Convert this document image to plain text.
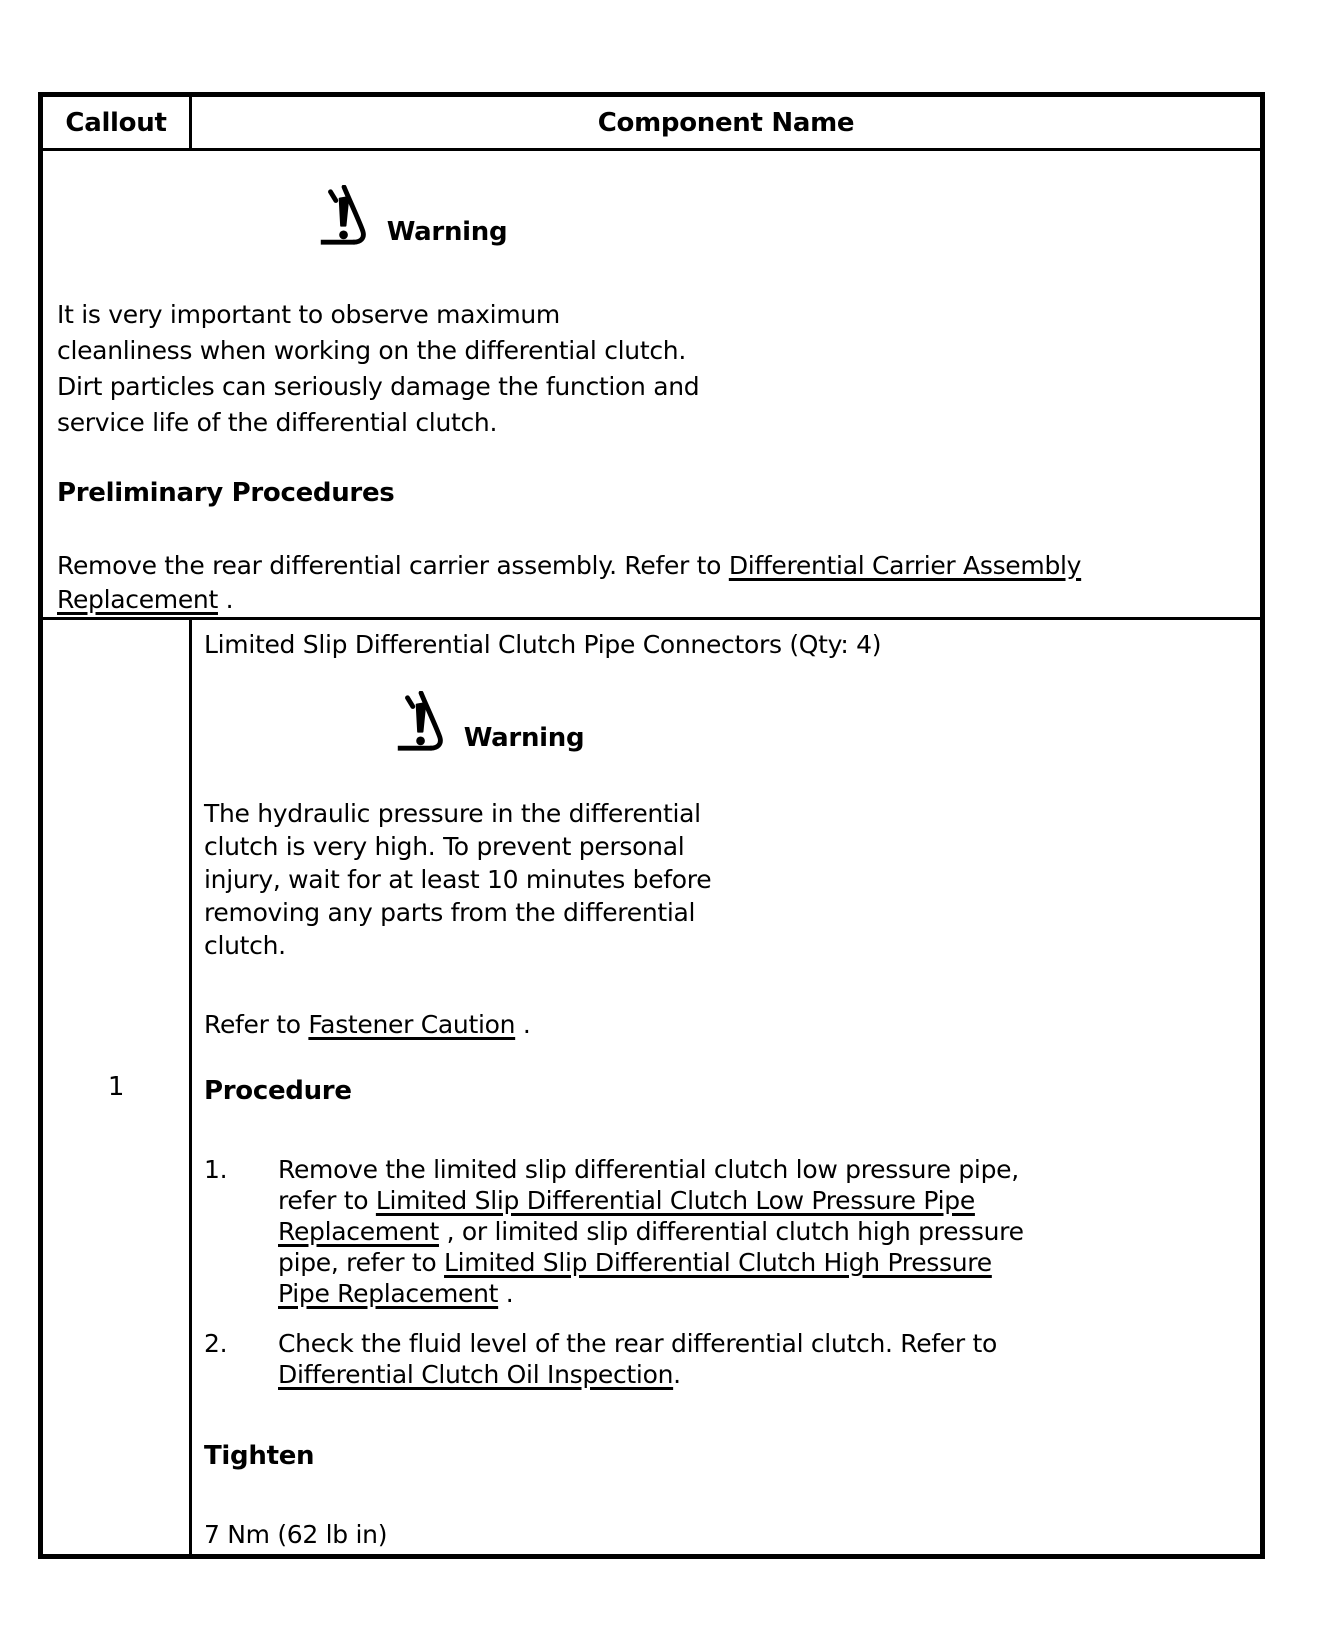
Callout	Component Name

Warning
It is very important to observe maximum
cleanliness when working on the differential clutch.
Dirt particles can seriously damage the function and
service life of the differential clutch.
Preliminary Procedures
Remove the rear differential carrier assembly. Refer to Differential Carrier Assembly
Replacement .

1	
Limited Slip Differential Clutch Pipe Connectors (Qty: 4)
Warning
The hydraulic pressure in the differential
clutch is very high. To prevent personal
injury, wait for at least 10 minutes before
removing any parts from the differential
clutch.
Refer to Fastener Caution .
Procedure
1.	Remove the limited slip differential clutch low pressure pipe,
refer to Limited Slip Differential Clutch Low Pressure Pipe
Replacement , or limited slip differential clutch high pressure
pipe, refer to Limited Slip Differential Clutch High Pressure
Pipe Replacement .
2.	Check the fluid level of the rear differential clutch. Refer to
Differential Clutch Oil Inspection.
Tighten
7 Nm (62 lb in)
